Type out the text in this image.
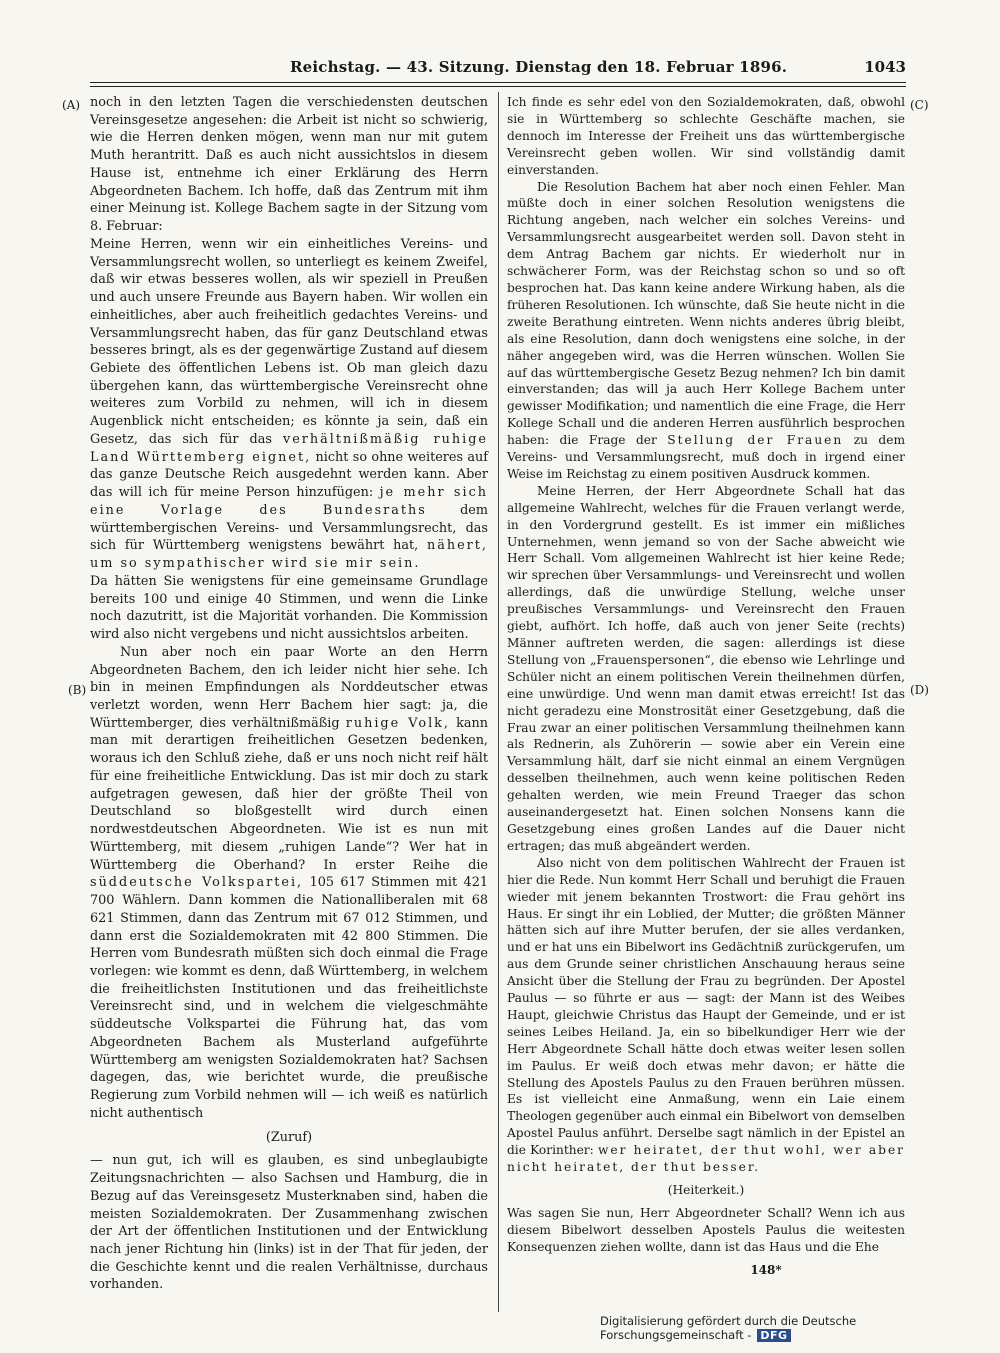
Reichstag. — 43. Sitzung. Dienstag den 18. Februar 1896.	1043
(A)
(B)
(C)
(D)

noch in den letzten Tagen die verschiedensten deutschen Vereinsgesetze angesehen: die Arbeit ist nicht so schwierig, wie die Herren denken mögen, wenn man nur mit gutem Muth herantritt. Daß es auch nicht aussichtslos in diesem Hause ist, entnehme ich einer Erklärung des Herrn Abgeordneten Bachem. Ich hoffe, daß das Zentrum mit ihm einer Meinung ist. Kollege Bachem sagte in der Sitzung vom 8. Februar:

Meine Herren, wenn wir ein einheitliches Vereins- und Versammlungsrecht wollen, so unterliegt es keinem Zweifel, daß wir etwas besseres wollen, als wir speziell in Preußen und auch unsere Freunde aus Bayern haben. Wir wollen ein einheitliches, aber auch freiheitlich gedachtes Vereins- und Versammlungsrecht haben, das für ganz Deutschland etwas besseres bringt, als es der gegenwärtige Zustand auf diesem Gebiete des öffentlichen Lebens ist. Ob man gleich dazu übergehen kann, das württembergische Vereinsrecht ohne weiteres zum Vorbild zu nehmen, will ich in diesem Augenblick nicht entscheiden; es könnte ja sein, daß ein Gesetz, das sich für das verhältnißmäßig ruhige Land Württemberg eignet, nicht so ohne weiteres auf das ganze Deutsche Reich ausgedehnt werden kann. Aber das will ich für meine Person hinzufügen: je mehr sich eine Vorlage des Bundesraths	dem württembergischen Vereins- und Versammlungsrecht, das sich für Württemberg wenigstens bewährt hat, nähert, um so sympathischer wird sie mir sein.

Da hätten Sie wenigstens für eine gemeinsame Grundlage bereits 100 und einige 40 Stimmen, und wenn die Linke noch dazutritt, ist die Majorität vorhanden. Die Kommission wird also nicht vergebens und nicht aussichtslos arbeiten.

Nun aber noch ein paar Worte an den Herrn Abgeordneten Bachem, den ich leider nicht hier sehe. Ich bin in meinen Empfindungen als Norddeutscher etwas verletzt worden, wenn Herr Bachem hier sagt: ja, die Württemberger, dies verhältnißmäßig ruhige Volk, kann man mit derartigen freiheitlichen Gesetzen bedenken, woraus ich den Schluß ziehe, daß er uns noch nicht reif hält für eine freiheitliche Entwicklung. Das ist mir doch zu stark aufgetragen gewesen, daß hier der größte Theil von Deutschland so bloßgestellt wird durch einen nordwestdeutschen Abgeordneten. Wie ist es nun mit Württemberg, mit diesem „ruhigen Lande“? Wer hat in Württemberg die Oberhand? In erster Reihe die süddeutsche Volkspartei, 105 617 Stimmen mit 421 700 Wählern. Dann kommen die Nationalliberalen mit 68 621 Stimmen, dann das Zentrum mit 67 012 Stimmen, und dann erst die Sozialdemokraten mit 42 800 Stimmen. Die Herren vom Bundesrath müßten sich doch einmal die Frage vorlegen: wie kommt es denn, daß Württemberg, in welchem die freiheitlichsten Institutionen und das freiheitlichste Vereinsrecht sind, und in welchem die vielgeschmähte süddeutsche Volkspartei die Führung hat, das vom Abgeordneten Bachem als Musterland aufgeführte Württemberg am wenigsten Sozialdemokraten hat? Sachsen dagegen, das, wie berichtet wurde, die preußische Regierung zum Vorbild nehmen will — ich weiß es natürlich nicht authentisch

(Zuruf)

— nun gut, ich will es glauben, es sind unbeglaubigte Zeitungsnachrichten — also Sachsen und Hamburg, die in Bezug auf das Vereinsgesetz Musterknaben sind, haben die meisten Sozialdemokraten. Der Zusammenhang zwischen der Art der öffentlichen Institutionen und der Entwicklung nach jener Richtung hin (links) ist in der That für jeden, der die Geschichte kennt und die realen Verhältnisse, durchaus vorhanden.

Ich finde es sehr edel von den Sozialdemokraten, daß, obwohl sie in Württemberg so schlechte Geschäfte machen, sie dennoch im Interesse der Freiheit uns das württembergische Vereinsrecht geben wollen. Wir sind vollständig damit einverstanden.

Die Resolution Bachem hat aber noch einen Fehler. Man müßte doch in einer solchen Resolution wenigstens die Richtung angeben, nach welcher ein solches Vereins- und Versammlungsrecht ausgearbeitet werden soll. Davon steht in dem Antrag Bachem gar nichts. Er wiederholt nur in schwächerer Form, was der Reichstag schon so und so oft besprochen hat. Das kann keine andere Wirkung haben, als die früheren Resolutionen. Ich wünschte, daß Sie heute nicht in die zweite Berathung eintreten. Wenn nichts anderes übrig bleibt, als eine Resolution, dann doch wenigstens eine solche, in der näher angegeben wird, was die Herren wünschen. Wollen Sie auf das württembergische Gesetz Bezug nehmen? Ich bin damit einverstanden; das will ja auch Herr Kollege Bachem unter gewisser Modifikation; und namentlich die eine Frage, die Herr Kollege Schall und die anderen Herren ausführlich besprochen haben: die Frage der Stellung der Frauen zu dem Vereins- und Versammlungsrecht, muß doch in irgend einer Weise im Reichstag zu einem positiven Ausdruck kommen.

Meine Herren, der Herr Abgeordnete Schall hat das allgemeine Wahlrecht, welches für die Frauen verlangt werde, in den Vordergrund gestellt. Es ist immer ein mißliches Unternehmen, wenn jemand so von der Sache abweicht wie Herr Schall. Vom allgemeinen Wahlrecht ist hier keine Rede; wir sprechen über Versammlungs- und Vereinsrecht und wollen allerdings, daß die unwürdige Stellung, welche unser preußisches Versammlungs- und Vereinsrecht den Frauen giebt, aufhört. Ich hoffe, daß auch von jener Seite (rechts) Männer auftreten werden, die sagen: allerdings ist diese Stellung von „Frauenspersonen“, die ebenso wie Lehrlinge und Schüler nicht an einem politischen Verein theilnehmen dürfen, eine unwürdige. Und wenn man damit etwas erreicht! Ist das nicht geradezu eine Monstrosität einer Gesetzgebung, daß die Frau zwar an einer politischen Versammlung theilnehmen kann als Rednerin, als Zuhörerin — sowie aber ein Verein eine Versammlung hält, darf sie nicht einmal an einem Vergnügen desselben theilnehmen, auch wenn keine politischen Reden gehalten werden, wie mein Freund Traeger das schon auseinandergesetzt hat. Einen solchen Nonsens kann die Gesetzgebung eines großen Landes auf die Dauer nicht ertragen; das muß abgeändert werden.

Also nicht von dem politischen Wahlrecht der Frauen ist hier die Rede. Nun kommt Herr Schall und beruhigt die Frauen wieder mit jenem bekannten Trostwort: die Frau gehört ins Haus. Er singt ihr ein Loblied, der Mutter; die größten Männer hätten sich auf ihre Mutter berufen, der sie alles verdanken, und er hat uns ein Bibelwort ins Gedächtniß zurückgerufen, um aus dem Grunde seiner christlichen Anschauung heraus seine Ansicht über die Stellung der Frau zu begründen. Der Apostel Paulus — so führte er aus — sagt: der Mann ist des Weibes Haupt, gleichwie Christus das Haupt der Gemeinde, und er ist seines Leibes Heiland. Ja, ein so bibelkundiger Herr wie der Herr Abgeordnete Schall hätte doch etwas weiter lesen sollen im Paulus. Er weiß doch etwas mehr davon; er hätte die Stellung des Apostels Paulus zu den Frauen berühren müssen. Es ist vielleicht eine Anmaßung, wenn ein Laie einem Theologen gegenüber auch einmal ein Bibelwort von demselben Apostel Paulus anführt. Derselbe sagt nämlich in der Epistel an die Korinther: wer heiratet, der thut wohl, wer aber nicht heiratet, der thut besser.

(Heiterkeit.)

Was sagen Sie nun, Herr Abgeordneter Schall? Wenn ich aus diesem Bibelwort desselben Apostels Paulus die weitesten Konsequenzen ziehen wollte, dann ist das Haus und die Ehe

148*

Digitalisierung gefördert durch die Deutsche Forschungsgemeinschaft - DFG
